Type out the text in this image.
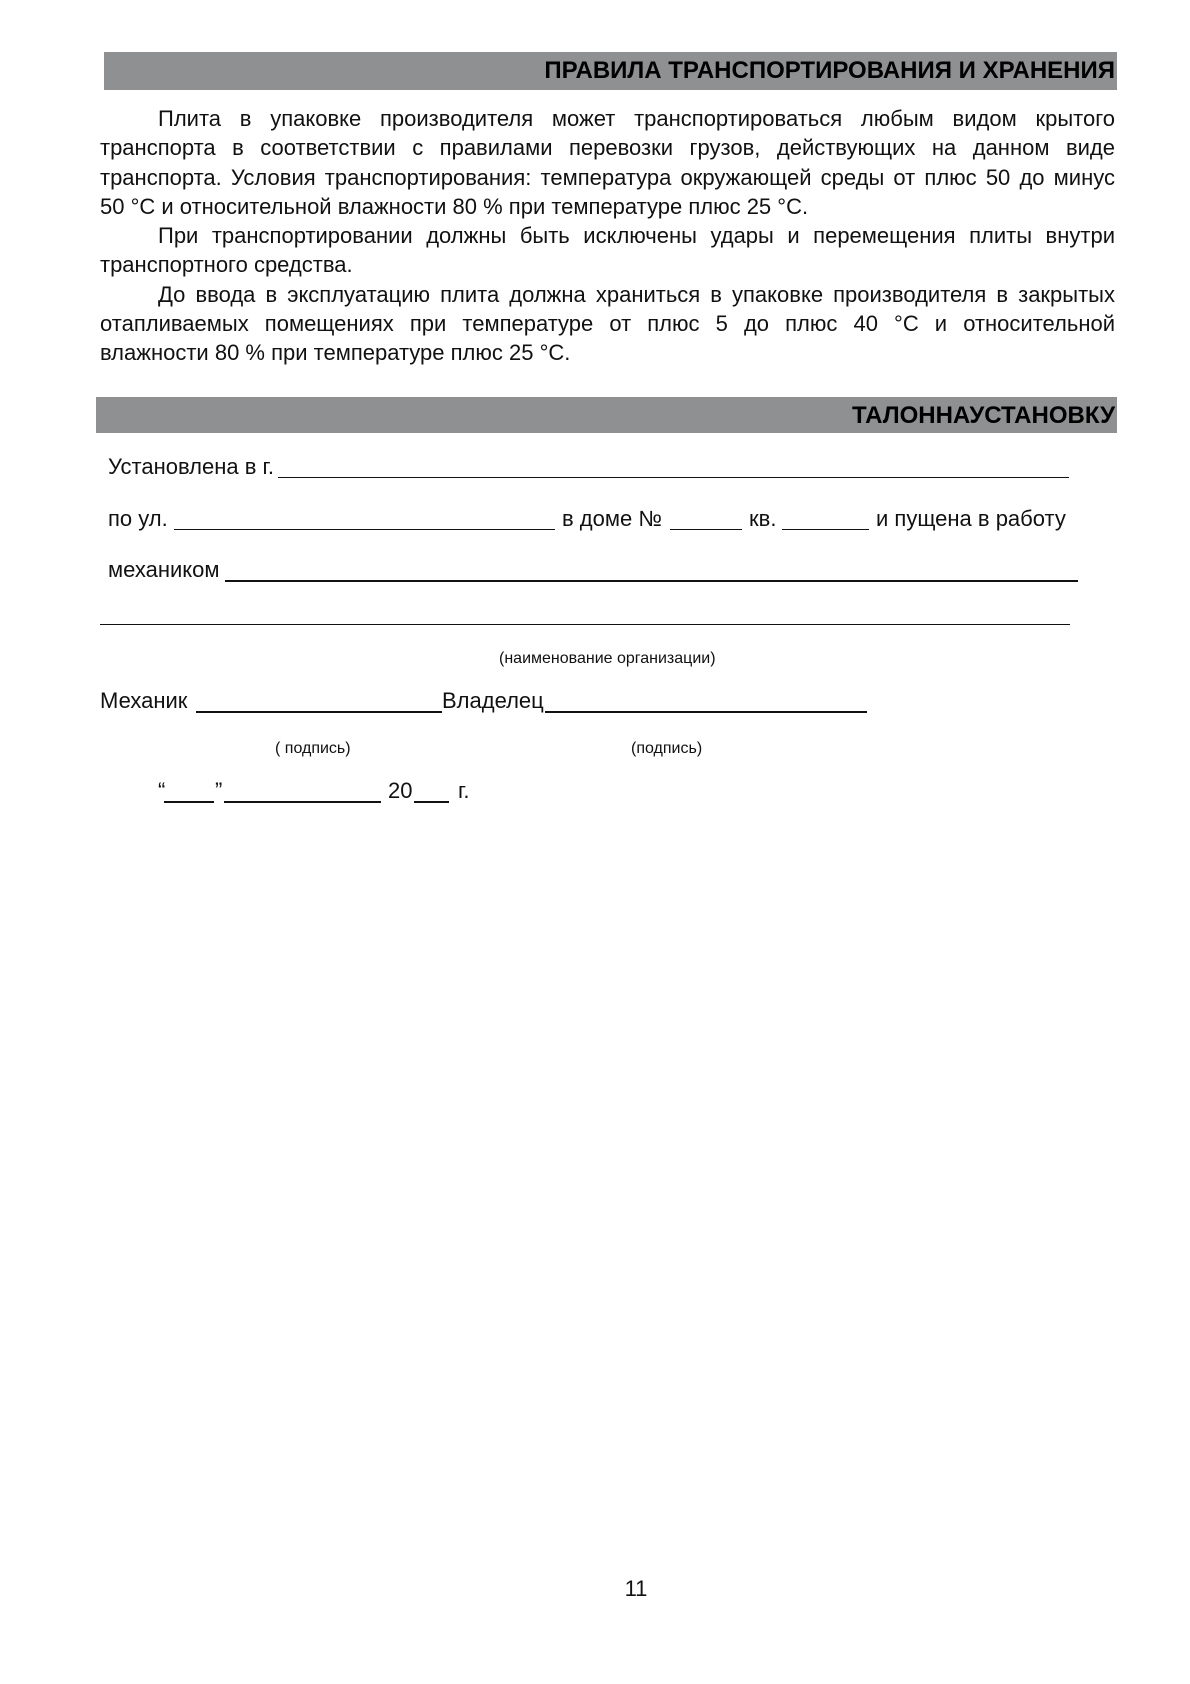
ПРАВИЛА ТРАНСПОРТИРОВАНИЯ И ХРАНЕНИЯ
Плита в упаковке производителя может транспортироваться любым видом крытого
транспорта в соответствии с правилами перевозки грузов, действующих на данном виде
транспорта. Условия транспортирования: температура окружающей среды от плюс 50 до минус
50 °С и относительной влажности 80 % при температуре плюс 25 °С.
При транспортировании должны быть исключены удары и перемещения плиты внутри
транспортного средства.
До ввода в эксплуатацию плита должна храниться в упаковке производителя в закрытых
отапливаемых помещениях при температуре от плюс 5 до плюс 40 °С и относительной
влажности 80 % при температуре плюс 25 °С.
ТАЛОННАУСТАНОВКУ
Установлена в г.
по ул.	в доме №	кв.	и пущена в работу
механиком
(наименование организации)
Механик	Владелец
( подпись)	(подпись)
“ ”	20 г.
11
